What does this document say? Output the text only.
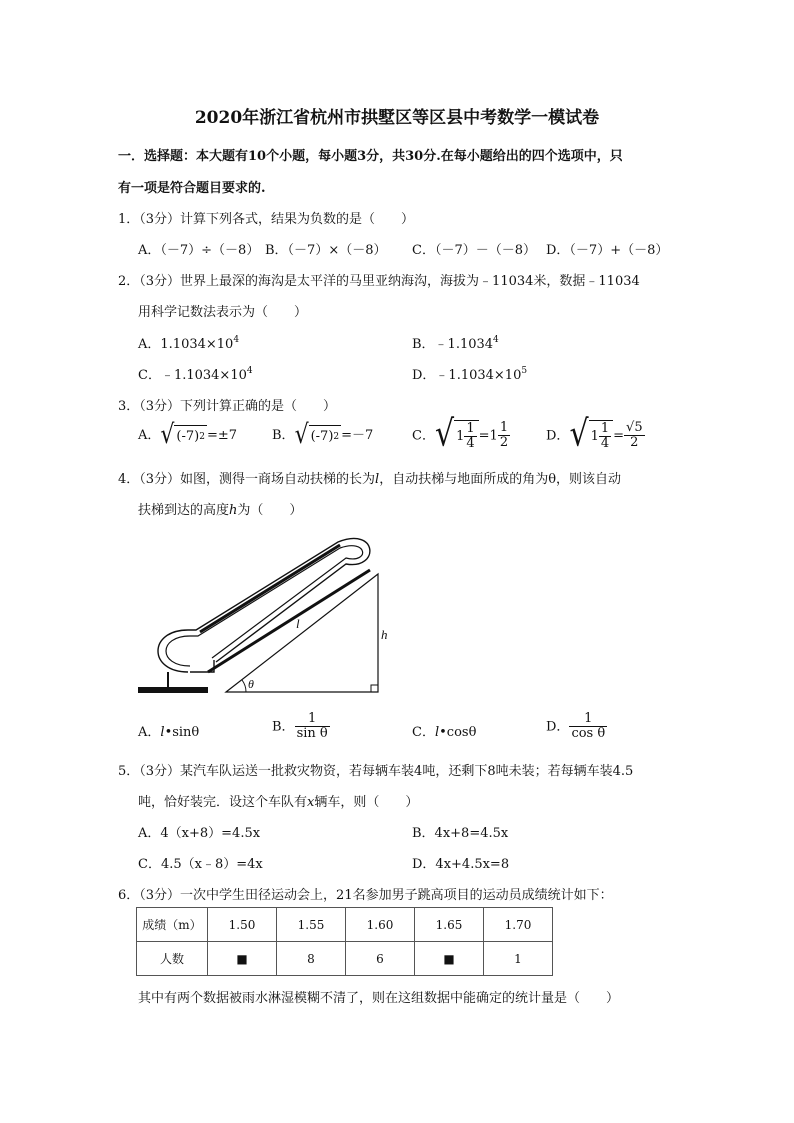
2020年浙江省杭州市拱墅区等区县中考数学一模试卷
一．选择题：本大题有10个小题，每小题3分，共30分.在每小题给出的四个选项中，只
有一项是符合题目要求的.
1．（3分）计算下列各式，结果为负数的是（　　）
A．（－7）÷（－8） B．（－7）×（－8） C．（－7）－（－8） D．（－7）+（－8）
2．（3分）世界上最深的海沟是太平洋的马里亚纳海沟，海拔为﹣11034米，数据﹣11034
用科学记数法表示为（　　）
A．$1.1034\times 10^4$	B．﹣1.1034$^4$
C．$﹣1.1034\times 10^4$	D．$﹣1.1034\times 10^5$
3．（3分）下列计算正确的是（　　）
A． √ (-7) 2 =±7	B． √ (-7) 2 =－7	C． √ $1 \frac{1}{4} =1 \frac{1}{2}$	D． √ $1 \frac{1}{4} = \frac{√5}{2}$
4．（3分）如图，测得一商场自动扶梯的长为l，自动扶梯与地面所成的角为θ，则该自动
扶梯到达的高度h为（　　）
l
h
θ
A．l•sinθ	B． $\frac{1}{\text{sin θ}}$	C．l•cosθ	D． $\frac{1}{\text{cos θ}}$
5．（3分）某汽车队运送一批救灾物资，若每辆车装4吨，还剩下8吨未装；若每辆车装4.5
吨，恰好装完．设这个车队有x辆车，则（　　）
A．4（x+8）=4.5x	B．4x+8=4.5x
C．4.5（x﹣8）=4x	D．4x+4.5x=8
6．（3分）一次中学生田径运动会上，21名参加男子跳高项目的运动员成绩统计如下：
成绩（m）	1.50	1.55	1.60	1.65	1.70
人数	■	8	6	■	1
其中有两个数据被雨水淋湿模糊不清了，则在这组数据中能确定的统计量是（　　）
